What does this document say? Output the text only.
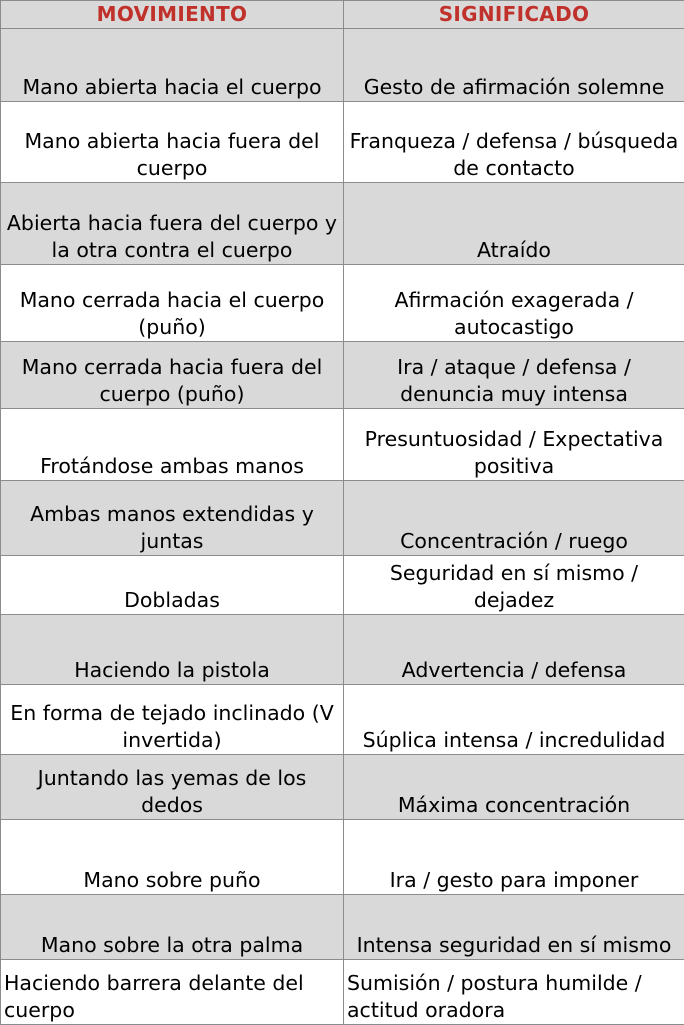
MOVIMIENTO	SIGNIFICADO
Mano abierta hacia el cuerpo	Gesto de afirmación solemne
Mano abierta hacia fuera del cuerpo	Franqueza / defensa / búsqueda de contacto
Abierta hacia fuera del cuerpo y la otra contra el cuerpo	Atraído
Mano cerrada hacia el cuerpo (puño)	Afirmación exagerada / autocastigo
Mano cerrada hacia fuera del cuerpo (puño)	Ira / ataque / defensa / denuncia muy intensa
Frotándose ambas manos	Presuntuosidad / Expectativa positiva
Ambas manos extendidas y juntas	Concentración / ruego
Dobladas	Seguridad en sí mismo / dejadez
Haciendo la pistola	Advertencia / defensa
En forma de tejado inclinado (V invertida)	Súplica intensa / incredulidad
Juntando las yemas de los dedos	Máxima concentración
Mano sobre puño	Ira / gesto para imponer
Mano sobre la otra palma	Intensa seguridad en sí mismo
Haciendo barrera delante del cuerpo	Sumisión / postura humilde / actitud oradora
